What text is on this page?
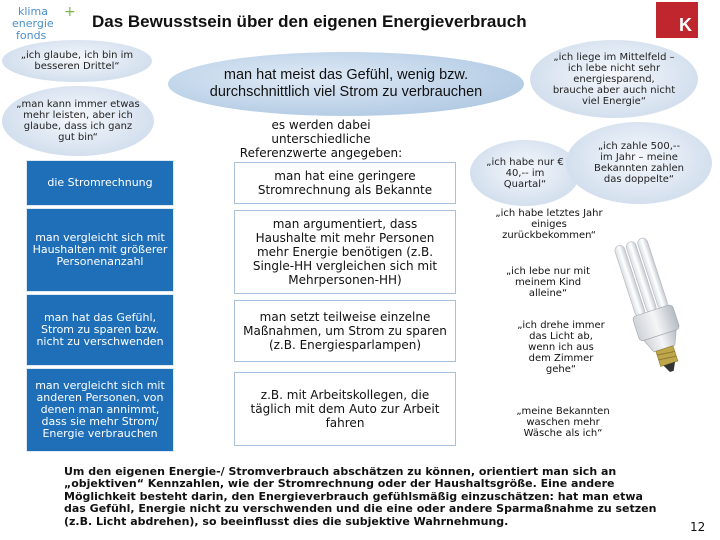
klima
energie
fonds
+ Das Bewusstsein über den eigenen Energieverbrauch	K
„ich glaube, ich bin im besseren Drittel“
„man kann immer etwas mehr leisten, aber ich glaube, dass ich ganz gut bin“
man hat meist das Gefühl, wenig bzw. durchschnittlich viel Strom zu verbrauchen
„ich liege im Mittelfeld – ich lebe nicht sehr energiesparend, brauche aber auch nicht viel Energie“
es werden dabei unterschiedliche Referenzwerte angegeben:
„ich habe nur € 40,-- im Quartal“
„ich zahle 500,-- im Jahr – meine Bekannten zahlen das doppelte“
die Stromrechnung
man vergleicht sich mit Haushalten mit größerer Personenanzahl
man hat das Gefühl, Strom zu sparen bzw. nicht zu verschwenden
man vergleicht sich mit anderen Personen, von denen man annimmt, dass sie mehr Strom/ Energie verbrauchen
man hat eine geringere Stromrechnung als Bekannte
man argumentiert, dass Haushalte mit mehr Personen mehr Energie benötigen (z.B. Single-HH vergleichen sich mit Mehrpersonen-HH)
man setzt teilweise einzelne Maßnahmen, um Strom zu sparen (z.B. Energiesparlampen)
z.B. mit Arbeitskollegen, die täglich mit dem Auto zur Arbeit fahren
„ich habe letztes Jahr einiges zurückbekommen“
„ich lebe nur mit meinem Kind alleine“
„ich drehe immer das Licht ab, wenn ich aus dem Zimmer gehe“
„meine Bekannten waschen mehr Wäsche als ich“
Um den eigenen Energie-/ Stromverbrauch abschätzen zu können, orientiert man sich an „objektiven“ Kennzahlen, wie der Stromrechnung oder der Haushaltsgröße. Eine andere Möglichkeit besteht darin, den Energieverbrauch gefühlsmäßig einzuschätzen: hat man etwa das Gefühl, Energie nicht zu verschwenden und die eine oder andere Sparmaßnahme zu setzen (z.B. Licht abdrehen), so beeinflusst dies die subjektive Wahrnehmung.	12
